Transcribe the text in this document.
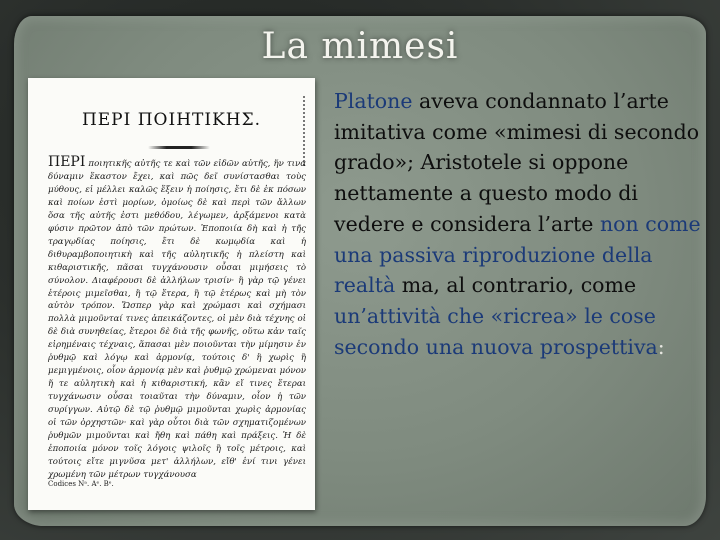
La mimesi
ΠΕΡΙ ΠΟΙΗΤΙΚΗΣ.

ΠΕΡΙ ποιητικῆς αὐτῆς τε καὶ τῶν εἰδῶν αὐτῆς, ἥν τινα δύναμιν ἕκαστον ἔχει, καὶ πῶς δεῖ συνίστασθαι τοὺς μύθους, εἰ μέλλει καλῶς ἕξειν ἡ ποίησις, ἔτι δὲ ἐκ πόσων καὶ ποίων ἐστὶ μορίων, ὁμοίως δὲ καὶ περὶ τῶν ἄλλων ὅσα τῆς αὐτῆς ἐστι μεθόδου, λέγωμεν, ἀρξάμενοι κατὰ φύσιν πρῶτον ἀπὸ τῶν πρώτων. Ἐποποιία δὴ καὶ ἡ τῆς τραγῳδίας ποίησις, ἔτι δὲ κωμῳδία καὶ ἡ διθυραμβοποιητικὴ καὶ τῆς αὐλητικῆς ἡ πλείστη καὶ κιθαριστικῆς, πᾶσαι τυγχάνουσιν οὖσαι μιμήσεις τὸ σύνολον. Διαφέρουσι δὲ ἀλλήλων τρισίν· ἢ γὰρ τῷ γένει ἑτέροις μιμεῖσθαι, ἢ τῷ ἕτερα, ἢ τῷ ἑτέρως καὶ μὴ τὸν αὐτὸν τρόπον. Ὥσπερ γὰρ καὶ χρώμασι καὶ σχήμασι πολλὰ μιμοῦνταί τινες ἀπεικάζοντες, οἱ μὲν διὰ τέχνης οἱ δὲ διὰ συνηθείας, ἕτεροι δὲ διὰ τῆς φωνῆς, οὕτω κἀν ταῖς εἰρημέναις τέχναις, ἅπασαι μὲν ποιοῦνται τὴν μίμησιν ἐν ῥυθμῷ καὶ λόγῳ καὶ ἁρμονίᾳ, τούτοις δ' ἢ χωρὶς ἢ μεμιγμένοις, οἷον ἁρμονίᾳ μὲν καὶ ῥυθμῷ χρώμεναι μόνον ἥ τε αὐλητικὴ καὶ ἡ κιθαριστική, κἂν εἴ τινες ἕτεραι τυγχάνωσιν οὖσαι τοιαῦται τὴν δύναμιν, οἷον ἡ τῶν συρίγγων. Αὐτῷ δὲ τῷ ῥυθμῷ μιμοῦνται χωρὶς ἁρμονίας οἱ τῶν ὀρχηστῶν· καὶ γὰρ οὗτοι διὰ τῶν σχηματιζομένων ῥυθμῶν μιμοῦνται καὶ ἤθη καὶ πάθη καὶ πράξεις. Ἡ δὲ ἐποποιία μόνον τοῖς λόγοις ψιλοῖς ἢ τοῖς μέτροις, καὶ τούτοις εἴτε μιγνῦσα μετ' ἀλλήλων, εἴθ' ἑνί τινι γένει χρωμένη τῶν μέτρων τυγχάνουσα

Codices Nᵃ. Aᵉ. Bᵉ.

Platone aveva condannato l’arte imitativa come «mimesi di secondo grado»; Aristotele si oppone nettamente a questo modo di vedere e considera l’arte non come una passiva riproduzione della realtà ma, al contrario, come un’attività che «ricrea» le cose secondo una nuova prospettiva:
